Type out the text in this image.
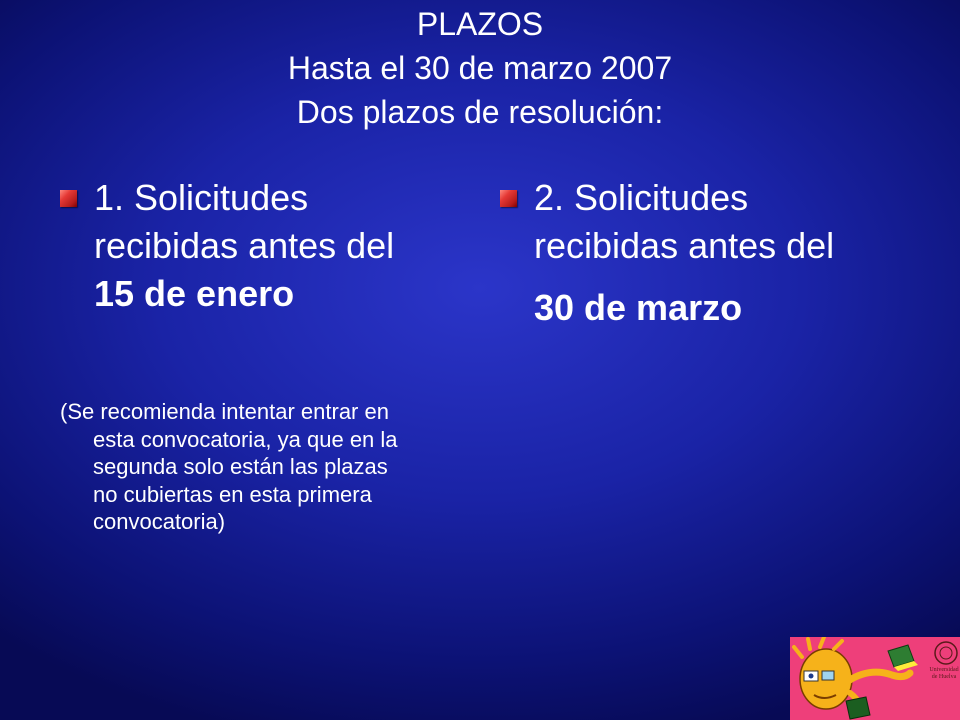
PLAZOS
Hasta el 30 de marzo 2007
Dos plazos de resolución:
1. Solicitudes
recibidas antes del
15 de enero
(Se recomienda intentar entrar en
esta convocatoria, ya que en la
segunda solo están las plazas
no cubiertas en esta primera
convocatoria)
2. Solicitudes
recibidas antes del
30 de marzo
Universidad
de Huelva
